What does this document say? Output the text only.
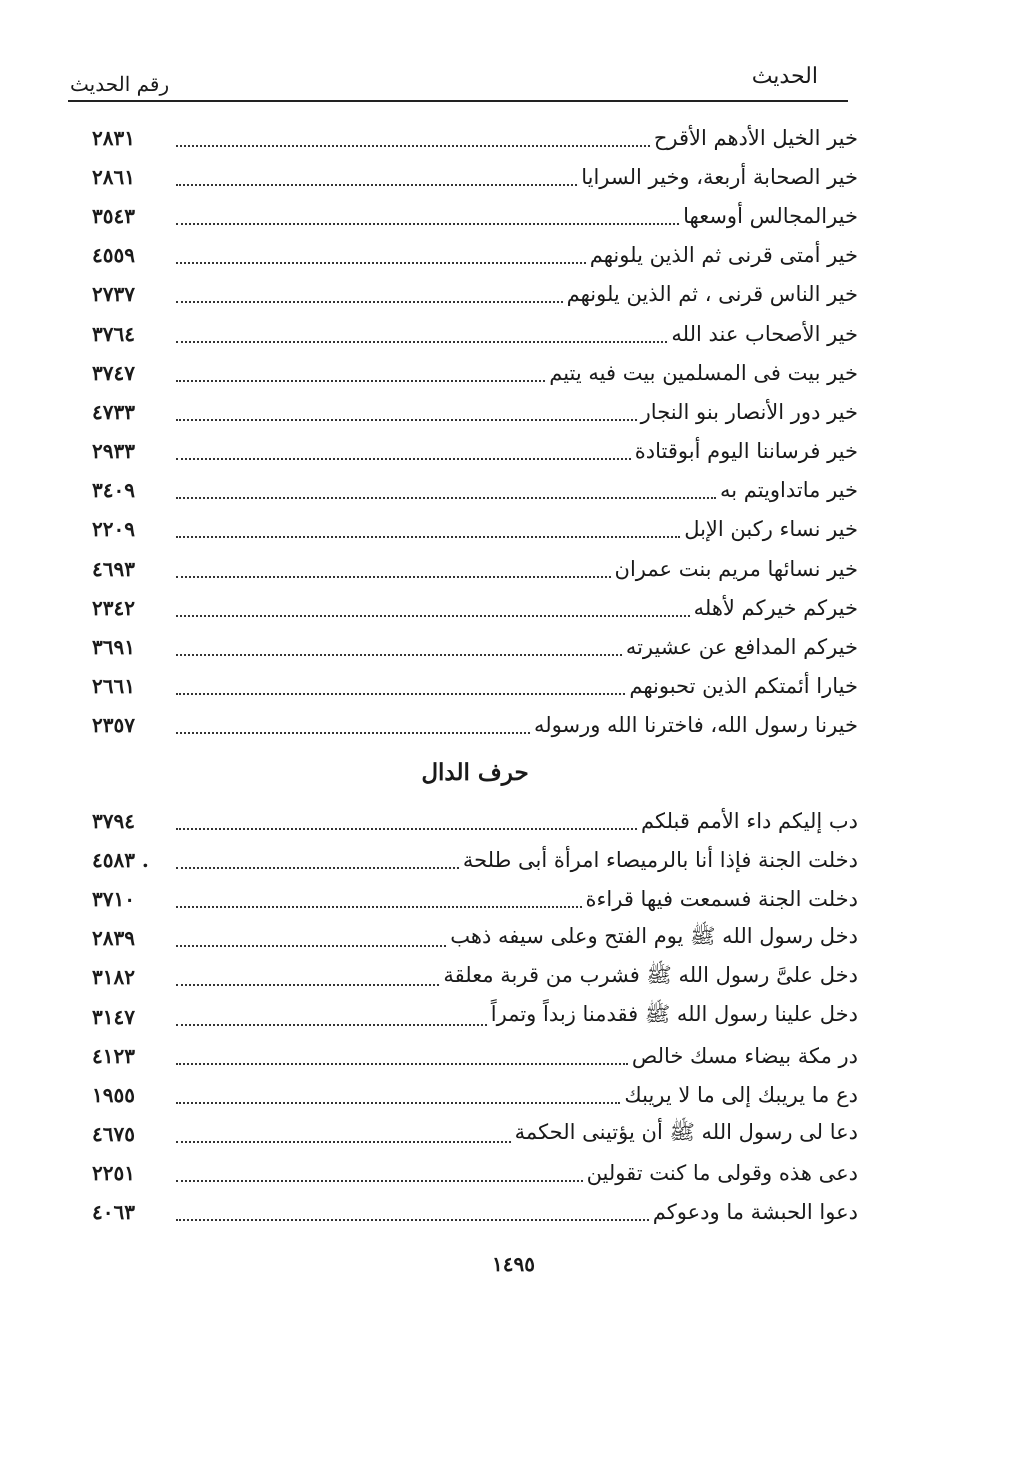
الحديث
رقم الحديث
خير الخيل الأدهم الأقرح
٢٨٣١
خير الصحابة أربعة، وخير السرايا
٢٨٦١
خيرالمجالس أوسعها
٣٥٤٣
خير أمتى قرنى ثم الذين يلونهم
٤٥٥٩
خير الناس قرنى ، ثم الذين يلونهم
٢٧٣٧
خير الأصحاب عند الله
٣٧٦٤
خير بيت فى المسلمين بيت فيه يتيم
٣٧٤٧
خير دور الأنصار بنو النجار
٤٧٣٣
خير فرساننا اليوم أبوقتادة
٢٩٣٣
خير ماتداويتم به
٣٤٠٩
خير نساء ركبن الإبل
٢٢٠٩
خير نسائها مريم بنت عمران
٤٦٩٣
خيركم خيركم لأهله
٢٣٤٢
خيركم المدافع عن عشيرته
٣٦٩١
خيارا أئمتكم الذين تحبونهم
٢٦٦١
خيرنا رسول الله، فاخترنا الله ورسوله
٢٣٥٧
حرف الدال
دب إليكم داء الأمم قبلكم
٣٧٩٤
دخلت الجنة فإذا أنا بالرميصاء امرأة أبى طلحة
٤٥٨٣ .
دخلت الجنة فسمعت فيها قراءة
٣٧١٠
دخل رسول الله ﷺ يوم الفتح وعلى سيفه ذهب
٢٨٣٩
دخل علىَّ رسول الله ﷺ فشرب من قربة معلقة
٣١٨٢
دخل علينا رسول الله ﷺ فقدمنا زبداً وتمراً
٣١٤٧
در مكة بيضاء مسك خالص
٤١٢٣
دع ما يريبك إلى ما لا يريبك
١٩٥٥
دعا لى رسول الله ﷺ أن يؤتينى الحكمة
٤٦٧٥
دعى هذه وقولى ما كنت تقولين
٢٢٥١
دعوا الحبشة ما ودعوكم
٤٠٦٣
١٤٩٥
